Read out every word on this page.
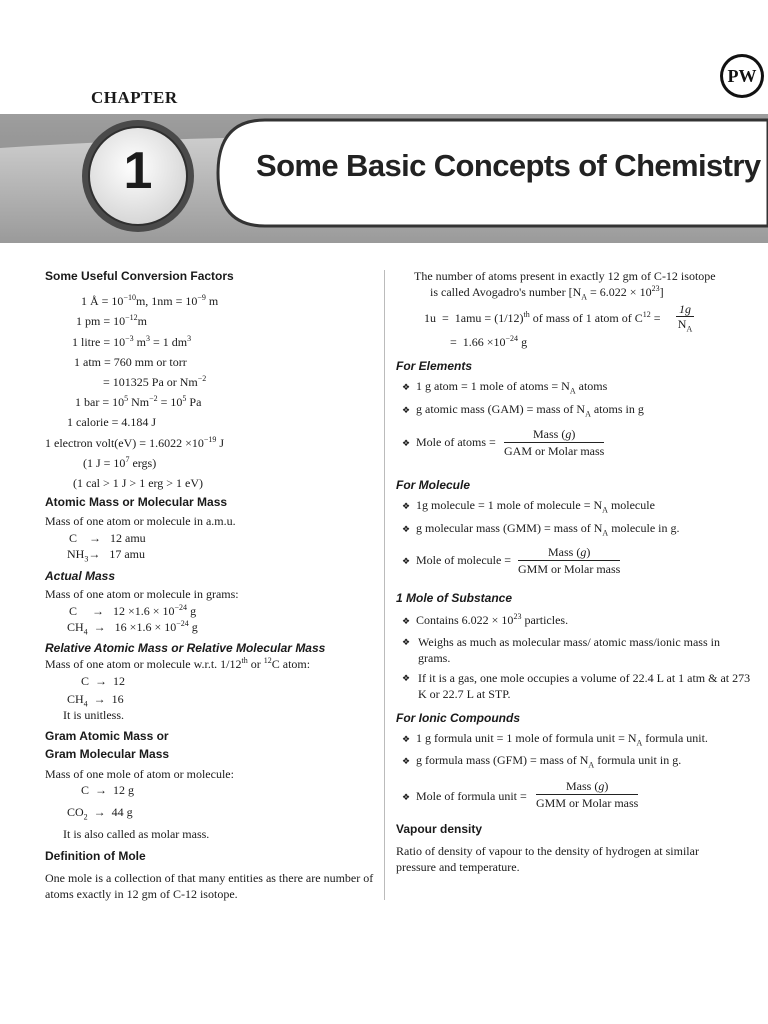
CHAPTER
1	Some Basic Concepts of Chemistry
PW
Some Useful Conversion Factors
1 Å = $10^{-10}m$, $1nm = 10^{-9}$ m
1 pm = $10^{-12}m$
1 litre = $10^{-3}$ $m^3 = 1$ $dm^3$
1 atm = 760 mm or torr
= 101325 Pa or $Nm^{-2}$
1 bar = $10^5$ $Nm^{-2} = 10^5$ Pa
1 calorie = 4.184 J
1 electron volt(eV) = $1.6022 \times 10^{-19}$ J
(1 $J = 10^7$ ergs)
(1 cal > 1 J > 1 erg > 1 eV)
Atomic Mass or Molecular Mass
Mass of one atom or molecule in a.m.u.
C    →   12 amu
$NH_3\to 17$ amu
Actual Mass
Mass of one atom or molecule in grams:
C     →   $12 \times 1.6 \times 10^{-24}$ g
$CH_4 \to 16 \times 1.6 \times 10^{-24}$ g
Relative Atomic Mass or Relative Molecular Mass
Mass of one atom or molecule w.r.t. 1/12th or $^{12}$C atom:
C  →  12
$CH_4 \to 16$
It is unitless.
Gram Atomic Mass or
Gram Molecular Mass
Mass of one mole of atom or molecule:
C  →  12 g
$CO_2 \to 44$ g
It is also called as molar mass.
Definition of Mole
One mole is a collection of that many entities as there are number of atoms exactly in 12 gm of C-12 isotope.
The number of atoms present in exactly 12 gm of C-12 isotope
is called Avogadro's number $[N_A = 6.022 \times 10^{23}]$
$1u = 1amu = (1/12)^{th}$ of mass of 1 atom of $C^{12}$ =
1g
$N_A$
=  $1.66 \times 10^{-24}$ g
For Elements
❖ 1 g atom = 1 mole of atoms = $N_A$ atoms
❖ g atomic mass (GAM) = mass of $N_A$ atoms in g
❖ Mole of atoms =
Mass (g)
GAM or Molar mass
For Molecule
❖ 1g molecule = 1 mole of molecule = $N_A$ molecule
❖ g molecular mass (GMM) = mass of $N_A$ molecule in g.
❖ Mole of molecule =
Mass (g)
GMM or Molar mass
1 Mole of Substance
❖ Contains $6.022 \times 10^{23}$ particles.
❖ Weighs as much as molecular mass/ atomic mass/ionic mass in grams.
❖ If it is a gas, one mole occupies a volume of 22.4 L at 1 atm & at 273 K or 22.7 L at STP.
For Ionic Compounds
❖ 1 g formula unit = 1 mole of formula unit = $N_A$ formula unit.
❖ g formula mass (GFM) = mass of $N_A$ formula unit in g.
❖ Mole of formula unit =
Mass (g)
GMM or Molar mass
Vapour density
Ratio of density of vapour to the density of hydrogen at similar pressure and temperature.
